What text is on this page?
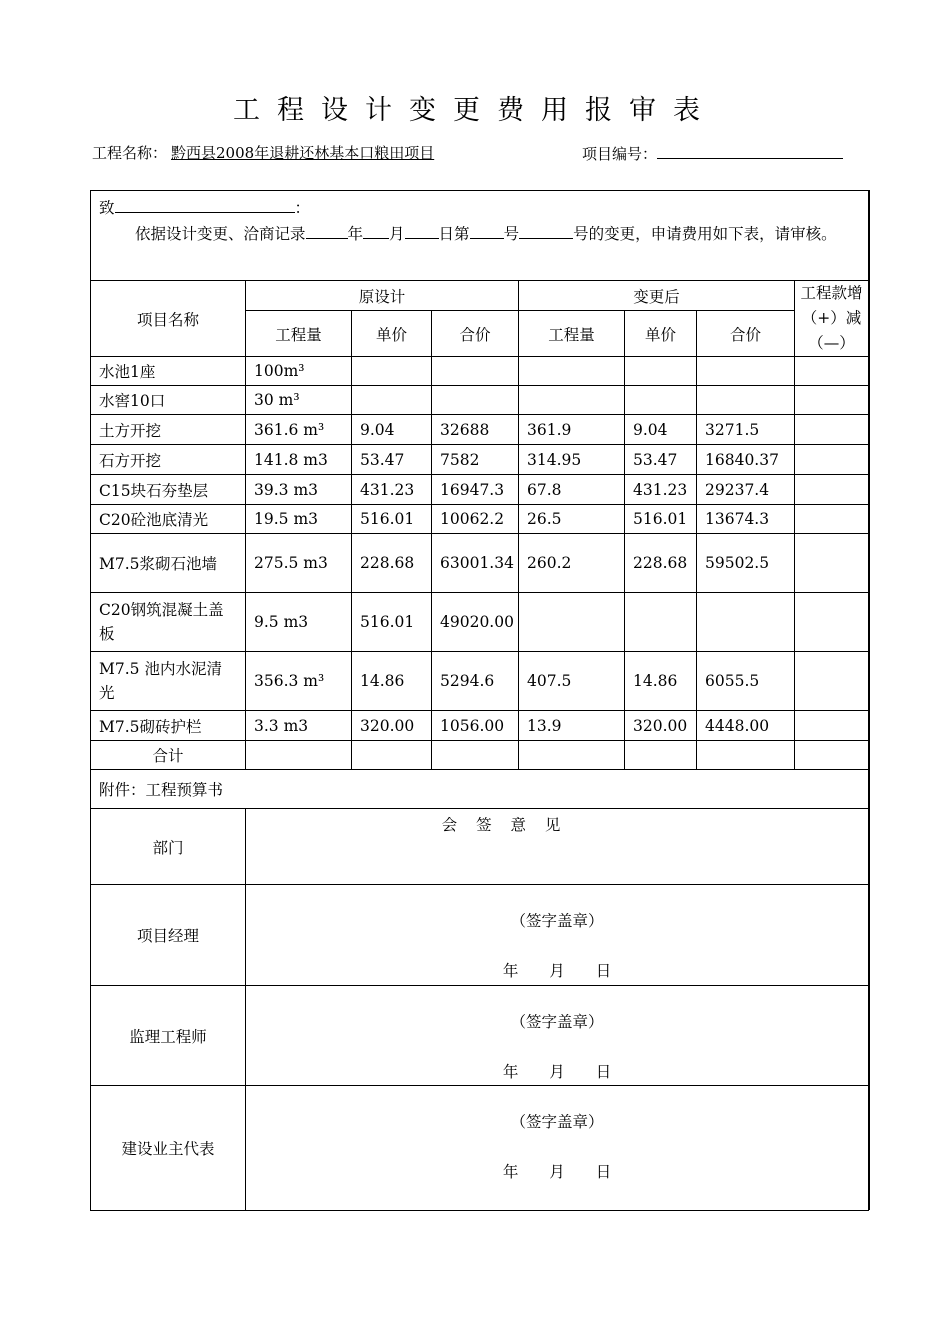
工程设计变更费用报审表
工程名称： 黔西县2008年退耕还林基本口粮田项目	项目编号：
致 ：
依据设计变更、洽商记录 年 月 日第 号 号的变更，申请费用如下表，请审核。							

项目名称	原设计			变更后			工程款增（+）减（—）
	工程量	单价	合价	工程量	单价	合价	
水池1座	100m³						
水窖10口	30 m³						
土方开挖	361.6 m³	9.04	32688	361.9	9.04	3271.5	
石方开挖	141.8 m3	53.47	7582	314.95	53.47	16840.37	
C15块石夯垫层	39.3 m3	431.23	16947.3	67.8	431.23	29237.4	
C20砼池底清光	19.5 m3	516.01	10062.2	26.5	516.01	13674.3	
M7.5浆砌石池墙	275.5 m3	228.68	63001.34	260.2	228.68	59502.5	
C20钢筑混凝土盖板	9.5 m3	516.01	49020.00				
M7.5 池内水泥清光	356.3 m³	14.86	5294.6	407.5	14.86	6055.5	
M7.5砌砖护栏	3.3 m3	320.00	1056.00	13.9	320.00	4448.00	
合计							
附件：工程预算书							
部门	会 签 意 见						
项目经理	（签字盖章）
年 月 日						

监理工程师	（签字盖章）
年 月 日						

建设业主代表	（签字盖章）
年 月 日						
